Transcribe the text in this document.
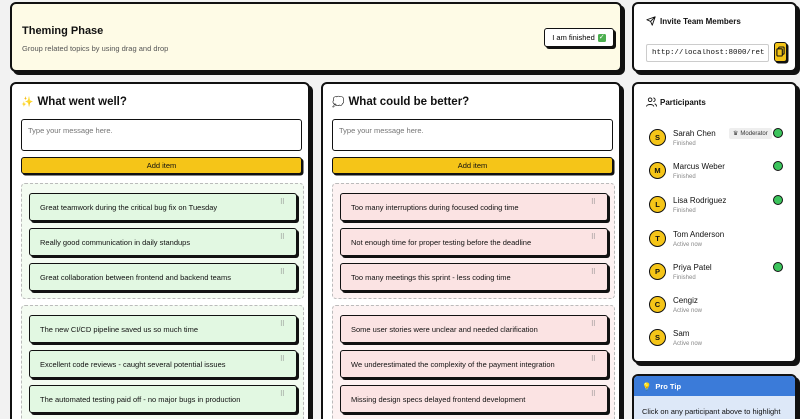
Theming Phase
Group related topics by using drag and drop
I am finished ✓
✨ What went well?
Type your message here.
Add item
Great teamwork during the critical bug fix on Tuesday	⠿
Really good communication in daily standups	⠿
Great collaboration between frontend and backend teams	⠿
The new CI/CD pipeline saved us so much time	⠿
Excellent code reviews - caught several potential issues	⠿
The automated testing paid off - no major bugs in production	⠿
💭 What could be better?
Type your message here.
Add item
Too many interruptions during focused coding time	⠿
Not enough time for proper testing before the deadline	⠿
Too many meetings this sprint - less coding time	⠿
Some user stories were unclear and needed clarification	⠿
We underestimated the complexity of the payment integration	⠿
Missing design specs delayed frontend development	⠿
Invite Team Members
http://localhost:8000/ret
Participants
S	Sarah Chen
Finished
♛ Moderator
M	Marcus Weber
Finished
L	Lisa Rodriguez
Finished
T	Tom Anderson
Active now
P	Priya Patel
Finished
C	Cengiz
Active now
S	Sam
Active now
💡 Pro Tip
Click on any participant above to highlight
